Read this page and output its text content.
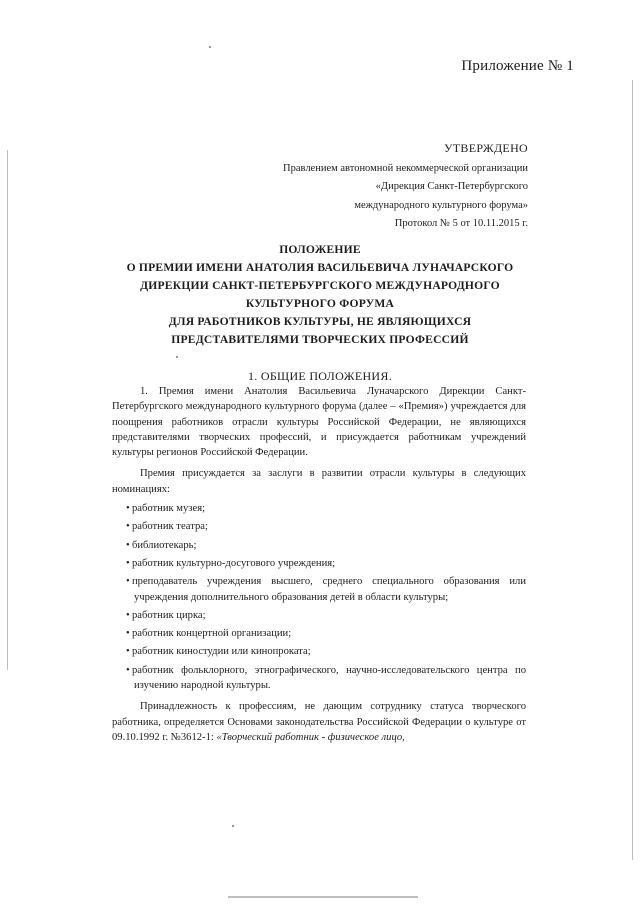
Приложение № 1
УТВЕРЖДЕНО
Правлением автономной некоммерческой организации
«Дирекция Санкт-Петербургского
международного культурного форума»
Протокол № 5 от 10.11.2015 г.
ПОЛОЖЕНИЕ
О ПРЕМИИ ИМЕНИ АНАТОЛИЯ ВАСИЛЬЕВИЧА ЛУНАЧАРСКОГО
ДИРЕКЦИИ САНКТ-ПЕТЕРБУРГСКОГО МЕЖДУНАРОДНОГО
КУЛЬТУРНОГО ФОРУМА
ДЛЯ РАБОТНИКОВ КУЛЬТУРЫ, НЕ ЯВЛЯЮЩИХСЯ
ПРЕДСТАВИТЕЛЯМИ ТВОРЧЕСКИХ ПРОФЕССИЙ
1. ОБЩИЕ ПОЛОЖЕНИЯ.

1. Премия имени Анатолия Васильевича Луначарского Дирекции Санкт-Петербургского международного культурного форума (далее – «Премия») учреждается для поощрения работников отрасли культуры Российской Федерации, не являющихся представителями творческих профессий, и присуждается работникам учреждений культуры регионов Российской Федерации.

Премия присуждается за заслуги в развитии отрасли культуры в следующих номинациях:

• работник музея;
• работник театра;
• библиотекарь;
• работник культурно-досугового учреждения;
• преподаватель учреждения высшего, среднего специального образования или учреждения дополнительного образования детей в области культуры;
• работник цирка;
• работник концертной организации;
• работник киностудии или кинопроката;
• работник фольклорного, этнографического, научно-исследовательского центра по изучению народной культуры.

Принадлежность к профессиям, не дающим сотруднику статуса творческого работника, определяется Основами законодательства Российской Федерации о культуре от 09.10.1992 г. №3612-1: «Творческий работник - физическое лицо,
